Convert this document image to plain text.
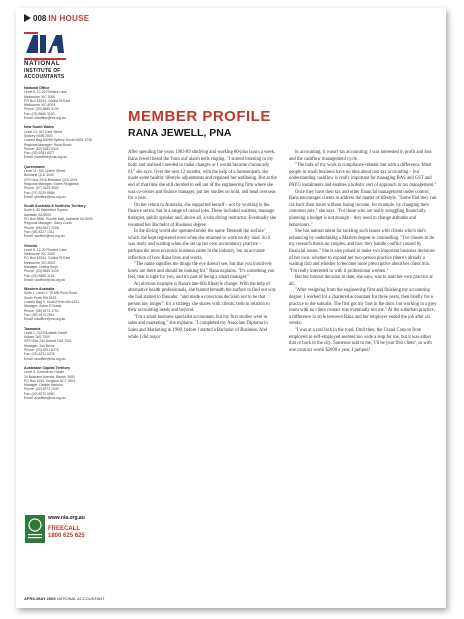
008 IN HOUSE
NATIONAL
INSTITUTE OF
ACCOUNTANTS
National Office
Level 8, 12-20 Flinders Lane
Melbourne VIC 3000
PO Box 18234, Collins St East
Melbourne VIC 8003
Phone: (03) 8665 3100
Fax: (03) 8665 3130
Email: natoffice@nia.org.au
New South Wales
Level 14, 447 Kent Street
Sydney NSW 2000
Locked Bag A4095 Sydney South NSW 1235
Regional Manager: Rona Booth
Phone: (02) 9283 5344
Fax: (02) 9283 8377
Email: nswoffice@nia.org.au
Queensland
Level 11, 300 Queen Street
Brisbane QLD 4000
GPO Box 2916 Brisbane QLD 4001
Regional Manager: Karen Fitzgibbon
Phone: (07) 3229 3900
Fax: (07) 3229 8586
Email: qldoffice@nia.org.au
South Australia & Northern Territory
Suite 6, 60 Wakefield Square
Adelaide SA 5000
PO Box 3856, Rundle Mall, Adelaide SA 5000
Regional Manager: Garry Curtis
Phone: (08) 8227 2156
Fax: (08) 8227 1311
Email: saoffice@nia.org.au
Victoria
Level 8, 12-20 Flinders Lane
Melbourne VIC 3000
PO Box 18234, Collins St East
Melbourne VIC 8003
Manager: Leisha Boyd
Phone: (03) 8665 3100
Fax: (03) 8665 3131
Email: vicoffice@nia.org.au
Western Australia
Suite 1, Level 2, 78 Mill Point Road
South Perth WA 6151
Locked Bag 9, South Perth WA 6151
Manager: Aidan O'Grady
Phone: (08) 9474 1700
Fax: (08) 9474 2911
Email: waoffice@nia.org.au
Tasmania
Level 1, 222 Elizabeth Street
Hobart TAS 7000
GPO Box 244 Hobart TAS 7001
Manager: Jon Burns
Phone: (03) 6231 6275
Fax: (03) 6231 6276
Email: tasoffice@nia.org.au
Australian Capital Territory
Level 4, Commerce House
24 Brisbane Avenue, Barton 2600
PO Box 4164, Kingston ACT 2604
Manager: Debbie Harbour
Phone: (02) 6273 7030
Fax: (02) 6270 9080
Email: actoffice@nia.org.au
www.nia.org.au
FREECALL
1800 625 625
APRIL/MAY 2005 NATIONAL ACCOUNTANT
MEMBER PROFILE
RANA JEWELL, PNA

After spending the years 1983-89 studying and working 80-plus hours a week, Rana Jewell heard the 'burn out' alarm bells ringing. "I started listening to my body and realised I needed to make changes or I would become chronically ill," she says. Over the next 12 months, with the help of a homoeopath, she made some healthy lifestyle adjustments and regained her wellbeing. But at the end of that time she still decided to sell out of the engineering firm where she was co-owner and finance manager, put her studies on hold, and head overseas for a year.

On her return to Australia, she supported herself – not by working in the finance sector, but in a range of casual jobs. These included waitress, massage therapist, public speaker and, above all, scuba diving instructor. Eventually she resumed her Bachelor of Business degree.

In the diving world she operated under the name 'Beneath the surface' which she kept registered even when she returned to work on dry land. So it was ready and waiting when she set up her own accountancy practice – perhaps the most eccentric business name in the industry, but an accurate reflection of how Rana lives and works.

"The name signifies the things the eye doesn't see, but that you intuitively know are there and should be looking for," Rana explains. "It's something you feel, that is right for you, and it's part of being a smart manager."

An obvious example is Rana's late-80s lifestyle change. With the help of alternative health professionals, she hunted beneath the surface to find out why she had started to flounder, "and made a conscious decision not to be that person any longer". It's a strategy she shares with clients, both in relation to their accounting needs and beyond.

"I'm a small business specialist accountant, but my first studies were in sales and marketing," she explains. "I completed my Associate Diploma in Sales and Marketing in 1988, before I started a Bachelor of Business. And while I did major

in accounting, it wasn't tax accounting; I was interested in profit and loss and the cashflow management cycle.

"The bulk of my work is compliance-related, but with a difference. Most people in small business have no idea about non-tax accounting – but understanding cashflow is really important for managing BAS and GST and PAYG instalments and enables a holistic sort of approach to tax management."

Once they have their tax and other financial management under control, Rana encourages clients to address the matter of lifestyle. "Some find they can cut back their hours without losing income, for example, by changing their customer mix," she says. "For those who are really struggling financially, planning a budget is not enough – they need to change attitudes and behaviours."

She has natural talent for tackling such issues with clients which she's enhancing by undertaking a Masters degree in counselling. "I've chosen to do my research thesis on couples, and how they handle conflict caused by financial issues." She is also poised to make two important business decisions of her own: whether to expand her two-person practice (there's already a waiting list) and whether to become more prescriptive about her client mix. "I'm really interested in with it professional women."

But her bravest decision to date, she says, was to start her own practice at all.

"After resigning from the engineering firm and finishing my accounting degree, I worked for a chartered accountant for three years, then briefly for a practice in the suburbs. The first got my foot in the door, but working in a grey room with no client contact was eventually not me." At the suburban practice, a difference in style between Rana and her employer ended the job after six weeks.

"I was at a real fork in the road. Until then, the Grand Canyon from employed to self-employed seemed too wide a leap for me, but it was either that or back to the city. Someone said to me, 'I'll be your first client', so with one contract worth $2000 a year, I jumped!
